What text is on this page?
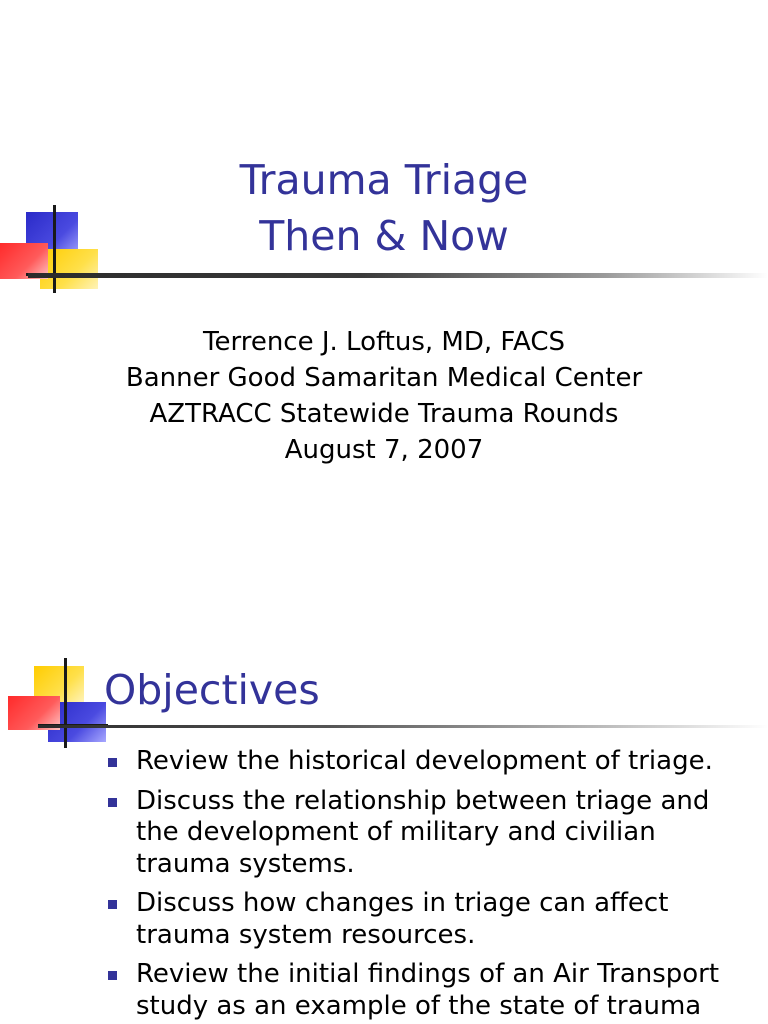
Trauma Triage
Then & Now
Terrence J. Loftus, MD, FACS
Banner Good Samaritan Medical Center
AZTRACC Statewide Trauma Rounds
August 7, 2007
Objectives
Review the historical development of triage.
Discuss the relationship between triage and the development of military and civilian trauma systems.
Discuss how changes in triage can affect trauma system resources.
Review the initial findings of an Air Transport study as an example of the state of trauma
